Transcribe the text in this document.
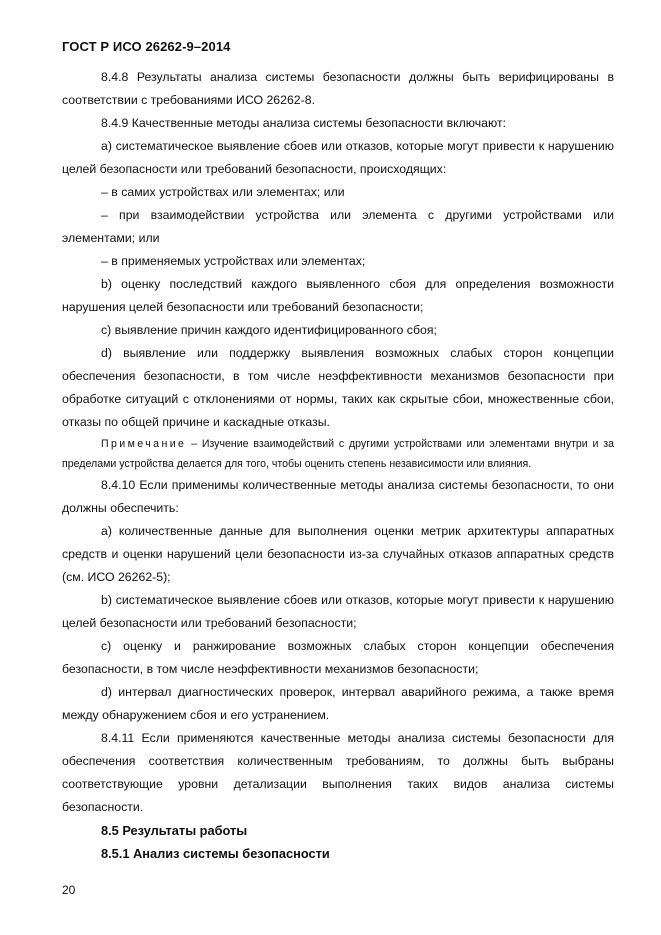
ГОСТ Р ИСО 26262-9–2014

8.4.8 Результаты анализа системы безопасности должны быть верифицированы в соответствии с требованиями ИСО 26262-8.

8.4.9 Качественные методы анализа системы безопасности включают:

а) систематическое выявление сбоев или отказов, которые могут привести к нарушению целей безопасности или требований безопасности, происходящих:

– в самих устройствах или элементах; или

– при взаимодействии устройства или элемента с другими устройствами или элементами; или

– в применяемых устройствах или элементах;

b) оценку последствий каждого выявленного сбоя для определения возможности нарушения целей безопасности или требований безопасности;

c) выявление причин каждого идентифицированного сбоя;

d) выявление или поддержку выявления возможных слабых сторон концепции обеспечения безопасности, в том числе неэффективности механизмов безопасности при обработке ситуаций с отклонениями от нормы, таких как скрытые сбои, множественные сбои, отказы по общей причине и каскадные отказы.

Примечание – Изучение взаимодействий с другими устройствами или элементами внутри и за пределами устройства делается для того, чтобы оценить степень независимости или влияния.

8.4.10 Если применимы количественные методы анализа системы безопасности, то они должны обеспечить:

а) количественные данные для выполнения оценки метрик архитектуры аппаратных средств и оценки нарушений цели безопасности из-за случайных отказов аппаратных средств (см. ИСО 26262-5);

b) систематическое выявление сбоев или отказов, которые могут привести к нарушению целей безопасности или требований безопасности;

c) оценку и ранжирование возможных слабых сторон концепции обеспечения безопасности, в том числе неэффективности механизмов безопасности;

d) интервал диагностических проверок, интервал аварийного режима, а также время между обнаружением сбоя и его устранением.

8.4.11 Если применяются качественные методы анализа системы безопасности для обеспечения соответствия количественным требованиям, то должны быть выбраны соответствующие уровни детализации выполнения таких видов анализа системы безопасности.

8.5 Результаты работы

8.5.1 Анализ системы безопасности

20
